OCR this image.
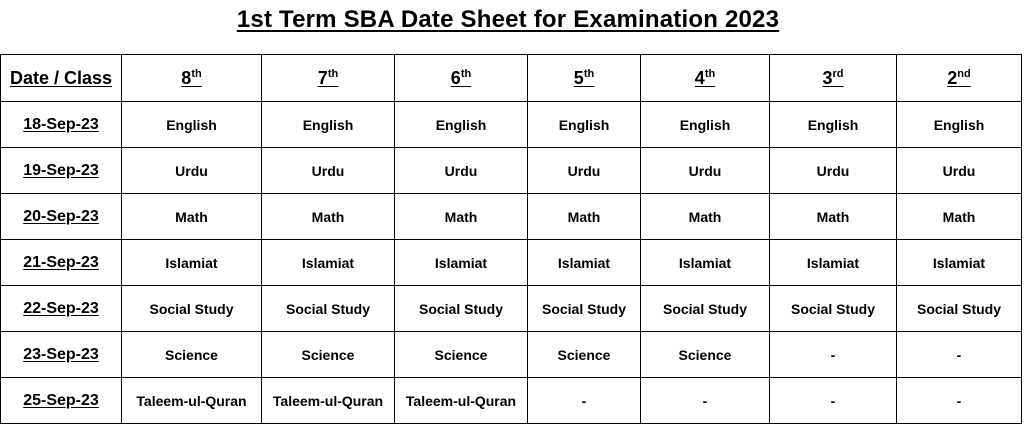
1st Term SBA Date Sheet for Examination 2023
Date / Class	8th	7th	6th	5th	4th	3rd	2nd
18-Sep-23	English	English	English	English	English	English	English
19-Sep-23	Urdu	Urdu	Urdu	Urdu	Urdu	Urdu	Urdu
20-Sep-23	Math	Math	Math	Math	Math	Math	Math
21-Sep-23	Islamiat	Islamiat	Islamiat	Islamiat	Islamiat	Islamiat	Islamiat
22-Sep-23	Social Study	Social Study	Social Study	Social Study	Social Study	Social Study	Social Study
23-Sep-23	Science	Science	Science	Science	Science	-	-
25-Sep-23	Taleem-ul-Quran	Taleem-ul-Quran	Taleem-ul-Quran	-	-	-	-
